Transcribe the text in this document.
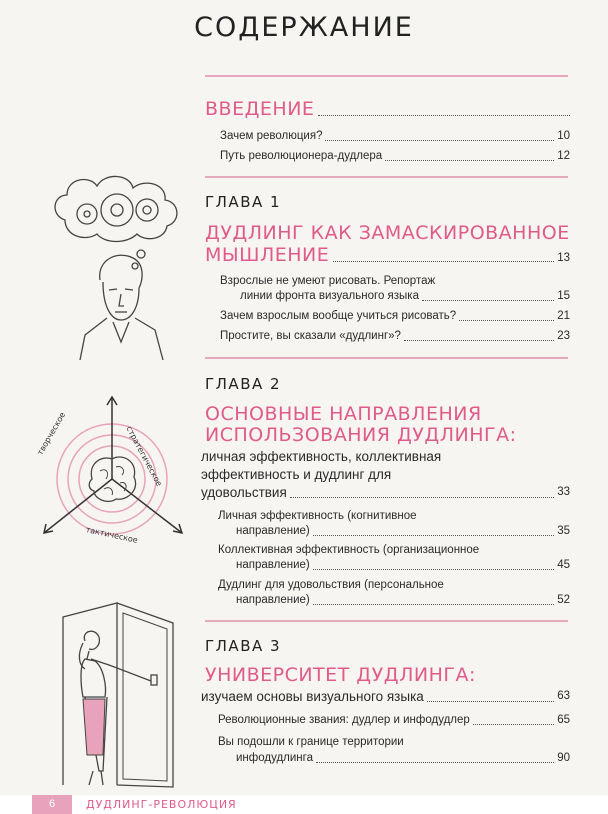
СОДЕРЖАНИЕ
ВВЕДЕНИЕ
Зачем революция?	10
Путь революционера-дудлера	12
ГЛАВА 1
ДУДЛИНГ КАК ЗАМАСКИРОВАННОЕ
МЫШЛЕНИЕ	13
Взрослые не умеют рисовать. Репортаж
линии фронта визуального языка	15
Зачем взрослым вообще учиться рисовать?	21
Простите, вы сказали «дудлинг»?	23
ГЛАВА 2
ОСНОВНЫЕ НАПРАВЛЕНИЯ
ИСПОЛЬЗОВАНИЯ ДУДЛИНГА:
личная эффективность, коллективная
эффективность и дудлинг для
удовольствия	33
Личная эффективность (когнитивное
направление)	35
Коллективная эффективность (организационное
направление)	45
Дудлинг для удовольствия (персональное
направление)	52
ГЛАВА 3
УНИВЕРСИТЕТ ДУДЛИНГА:
изучаем основы визуального языка	63
Революционные звания: дудлер и инфодудлер	65
Вы подошли к границе территории
инфодудлинга	90
творческое	стратегическое
тактическое
6	ДУДЛИНГ-РЕВОЛЮЦИЯ
